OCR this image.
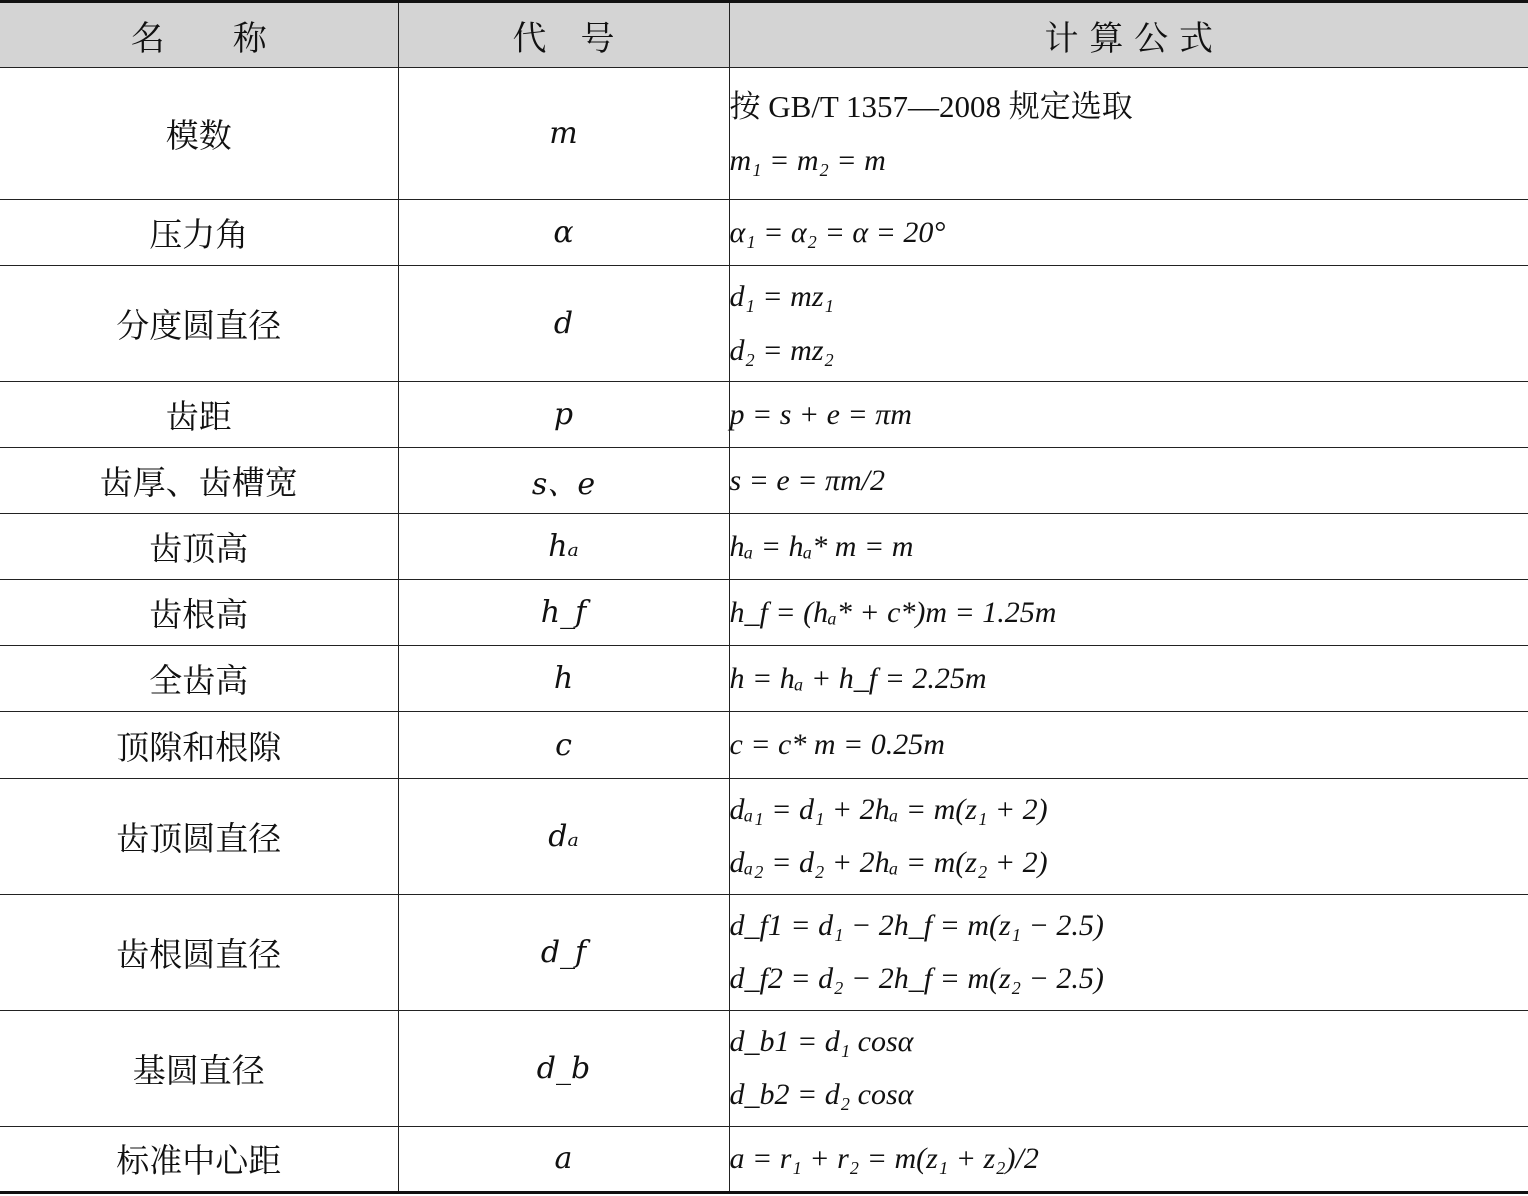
名　　称	代　号	计 算 公 式
模数	m	按 GB/T 1357—2008 规定选取
m₁ = m₂ = m

压力角	α	α₁ = α₂ = α = 20°

分度圆直径	d	d₁ = mz₁
d₂ = mz₂

齿距	p	p = s + e = πm

齿厚、齿槽宽	s、e	s = e = πm/2

齿顶高	hₐ	hₐ = hₐ* m = m

齿根高	h_f	h_f = (hₐ* + c*)m = 1.25m

全齿高	h	h = hₐ + h_f = 2.25m

顶隙和根隙	c	c = c* m = 0.25m

齿顶圆直径	dₐ	dₐ₁ = d₁ + 2hₐ = m(z₁ + 2)
dₐ₂ = d₂ + 2hₐ = m(z₂ + 2)

齿根圆直径	d_f	d_f1 = d₁ − 2h_f = m(z₁ − 2.5)
d_f2 = d₂ − 2h_f = m(z₂ − 2.5)

基圆直径	d_b	d_b1 = d₁ cosα
d_b2 = d₂ cosα

标准中心距	a	a = r₁ + r₂ = m(z₁ + z₂)/2
